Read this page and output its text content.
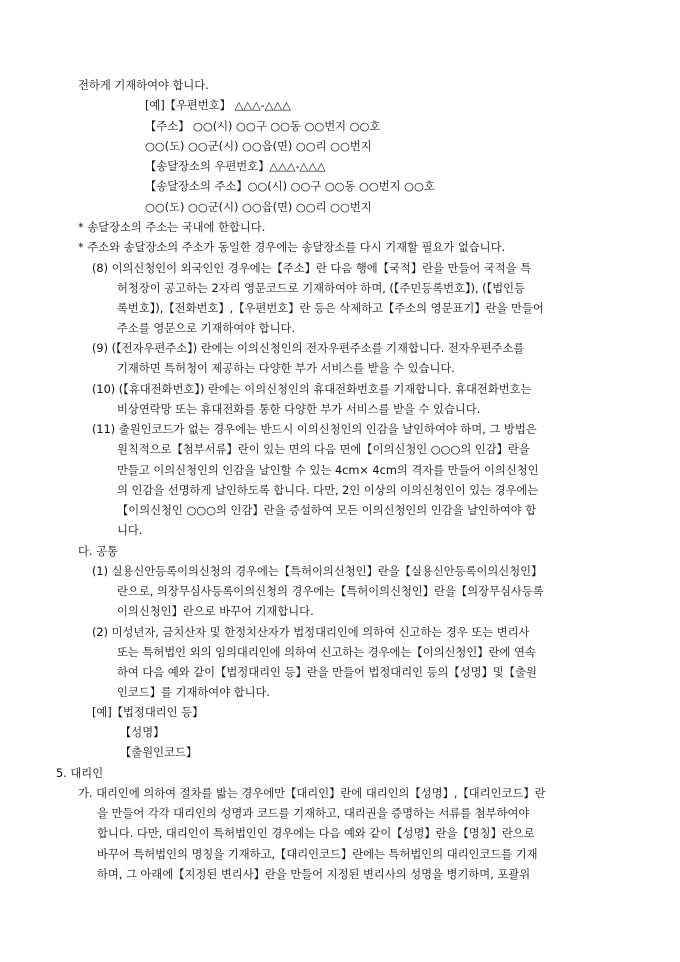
전하게 기재하여야 합니다.
[예]【우편번호】 △△△-△△△
【주소】 ○○(시) ○○구 ○○동 ○○번지 ○○호
○○(도) ○○군(시) ○○읍(면) ○○리 ○○번지
【송달장소의 우편번호】△△△-△△△
【송달장소의 주소】○○(시) ○○구 ○○동 ○○번지 ○○호
○○(도) ○○군(시) ○○읍(면) ○○리 ○○번지
* 송달장소의 주소는 국내에 한합니다.
* 주소와 송달장소의 주소가 동일한 경우에는 송달장소를 다시 기재할 필요가 없습니다.
(8) 이의신청인이 외국인인 경우에는【주소】란 다음 행에【국적】란을 만들어 국적을 특
허청장이 공고하는 2자리 영문코드로 기재하여야 하며, (【주민등록번호】), (【법인등
록번호】),【전화번호】,【우편번호】란 등은 삭제하고【주소의 영문표기】란을 만들어
주소를 영문으로 기재하여야 합니다.
(9) (【전자우편주소】) 란에는 이의신청인의 전자우편주소를 기재합니다. 전자우편주소를
기재하면 특허청이 제공하는 다양한 부가 서비스를 받을 수 있습니다.
(10) (【휴대전화번호】) 란에는 이의신청인의 휴대전화번호를 기재합니다. 휴대전화번호는
비상연락망 또는 휴대전화를 통한 다양한 부가 서비스를 받을 수 있습니다.
(11) 출원인코드가 없는 경우에는 반드시 이의신청인의 인감을 날인하여야 하며, 그 방법은
원칙적으로【첨부서류】란이 있는 면의 다음 면에【이의신청인 ○○○의 인감】란을
만들고 이의신청인의 인감을 날인할 수 있는 4cm× 4cm의 격자를 만들어 이의신청인
의 인감을 선명하게 날인하도록 합니다. 다만, 2인 이상의 이의신청인이 있는 경우에는
【이의신청인 ○○○의 인감】란을 증설하여 모든 이의신청인의 인감을 날인하여야 합
니다.
다. 공통
(1) 실용신안등록이의신청의 경우에는【특허이의신청인】란을【실용신안등록이의신청인】
란으로, 의장무심사등록이의신청의 경우에는【특허이의신청인】란을【의장무심사등록
이의신청인】란으로 바꾸어 기재합니다.
(2) 미성년자, 금치산자 및 한정치산자가 법정대리인에 의하여 신고하는 경우 또는 변리사
또는 특허법인 외의 임의대리인에 의하여 신고하는 경우에는【이의신청인】란에 연속
하여 다음 예와 같이【법정대리인 등】란을 만들어 법정대리인 등의【성명】및【출원
인코드】를 기재하여야 합니다.
[예]【법정대리인 등】
【성명】
【출원인코드】
5. 대리인
가. 대리인에 의하여 절차를 밟는 경우에만【대리인】란에 대리인의【성명】,【대리인코드】란
을 만들어 각각 대리인의 성명과 코드를 기재하고, 대리권을 증명하는 서류를 첨부하여야
합니다. 다만, 대리인이 특허법인인 경우에는 다음 예와 같이【성명】란을【명칭】란으로
바꾸어 특허법인의 명칭을 기재하고,【대리인코드】란에는 특허법인의 대리인코드를 기재
하며, 그 아래에【지정된 변리사】란을 만들어 지정된 변리사의 성명을 병기하며, 포괄위
